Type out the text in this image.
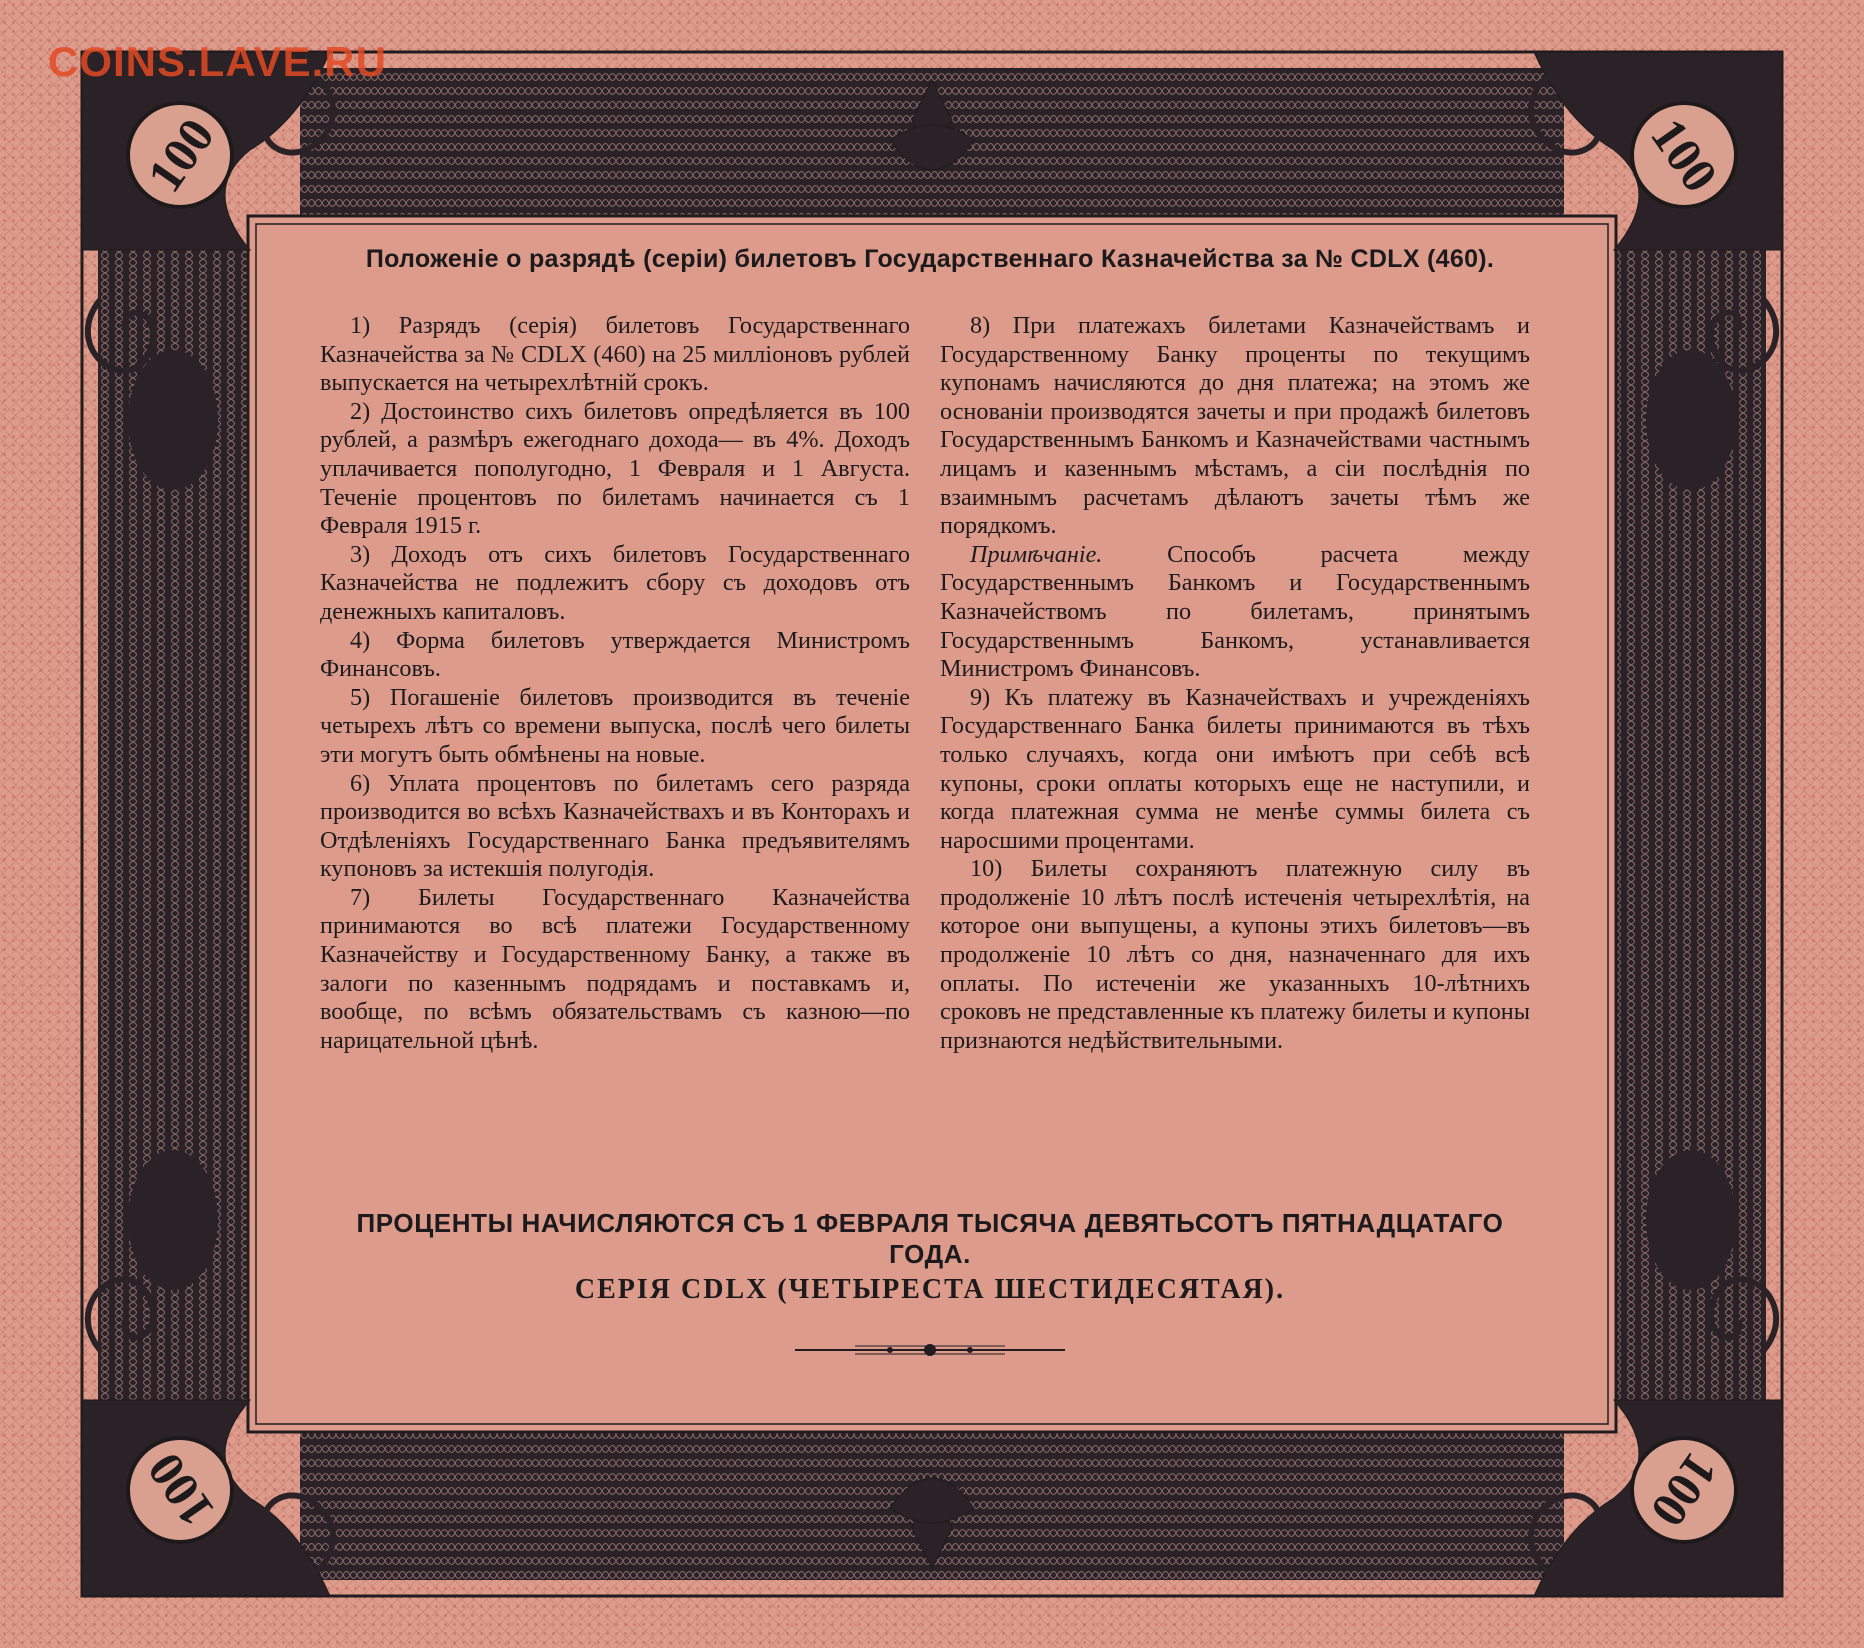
COINS.LAVE.RU
100	100
100	100
Положенiе о разрядѣ (серiи) билетовъ Государственнаго Казначейства за № CDLX (460).

1) Разрядъ (серiя) билетовъ Государственнаго Казначейства за № CDLX (460) на 25 миллiоновъ рублей выпускается на четырехлѣтнiй срокъ.

2) Достоинство сихъ билетовъ опредѣляется въ 100 рублей, а размѣръ ежегоднаго дохода— въ 4%. Доходъ уплачивается пополугодно, 1 Февраля и 1 Августа. Теченiе процентовъ по билетамъ начинается съ 1 Февраля 1915 г.

3) Доходъ отъ сихъ билетовъ Государственнаго Казначейства не подлежитъ сбору съ доходовъ отъ денежныхъ капиталовъ.

4) Форма билетовъ утверждается Министромъ Финансовъ.

5) Погашенiе билетовъ производится въ теченiе четырехъ лѣтъ со времени выпуска, послѣ чего билеты эти могутъ быть обмѣнены на новые.

6) Уплата процентовъ по билетамъ сего разряда производится во всѣхъ Казначействахъ и въ Конторахъ и Отдѣленiяхъ Государственнаго Банка предъявителямъ купоновъ за истекшiя полугодiя.

7) Билеты Государственнаго Казначейства принимаются во всѣ платежи Государственному Казначейству и Государственному Банку, а также въ залоги по казеннымъ подрядамъ и поставкамъ и, вообще, по всѣмъ обязательствамъ съ казною—по нарицательной цѣнѣ.

8) При платежахъ билетами Казначействамъ и Государственному Банку проценты по текущимъ купонамъ начисляются до дня платежа; на этомъ же основанiи производятся зачеты и при продажѣ билетовъ Государственнымъ Банкомъ и Казначействами частнымъ лицамъ и казеннымъ мѣстамъ, а сiи послѣднiя по взаимнымъ расчетамъ дѣлаютъ зачеты тѣмъ же порядкомъ.

Примѣчанiе.	Способъ расчета между Государственнымъ Банкомъ и Государственнымъ Казначействомъ по билетамъ, принятымъ Государственнымъ Банкомъ, устанавливается Министромъ Финансовъ.

9) Къ платежу въ Казначействахъ и учрежденiяхъ Государственнаго Банка билеты принимаются въ тѣхъ только случаяхъ, когда они имѣютъ при себѣ всѣ купоны, сроки оплаты которыхъ еще не наступили, и когда платежная сумма не менѣе суммы билета съ наросшими процентами.

10) Билеты сохраняютъ платежную силу въ продолженiе 10 лѣтъ послѣ истеченiя четырехлѣтiя, на которое они выпущены, а купоны этихъ билетовъ—въ продолженiе 10 лѣтъ со дня, назначеннаго для ихъ оплаты. По истеченiи же указанныхъ 10-лѣтнихъ сроковъ не представленные къ платежу билеты и купоны признаются недѣйствительными.

ПРОЦЕНТЫ НАЧИСЛЯЮТСЯ СЪ 1 ФЕВРАЛЯ ТЫСЯЧА ДЕВЯТЬСОТЪ ПЯТНАДЦАТАГО ГОДА.
СЕРIЯ CDLX (ЧЕТЫРЕСТА ШЕСТИДЕСЯТАЯ).
